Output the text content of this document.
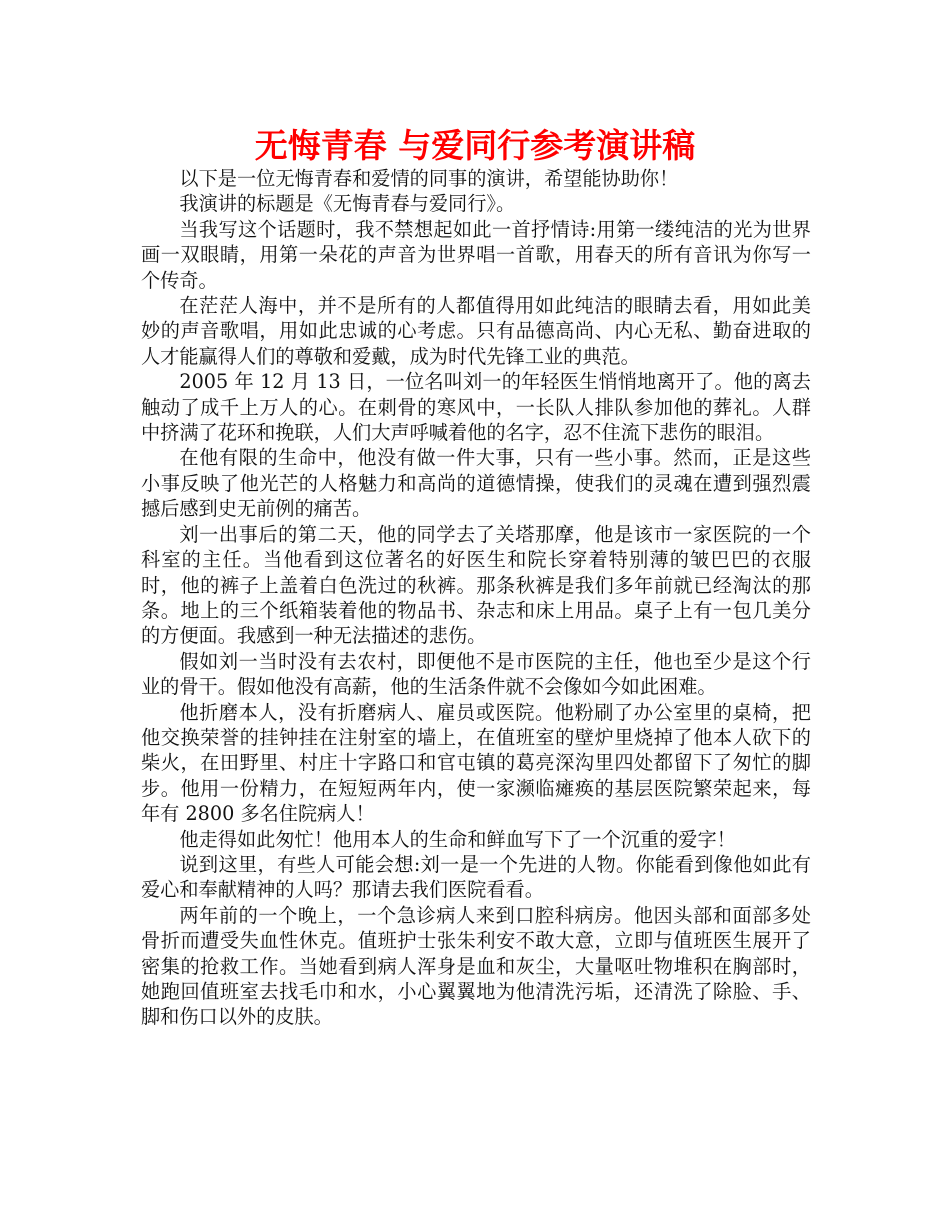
无悔青春 与爱同行参考演讲稿

以下是一位无悔青春和爱情的同事的演讲，希望能协助你！

我演讲的标题是《无悔青春与爱同行》。

当我写这个话题时，我不禁想起如此一首抒情诗:用第一缕纯洁的光为世界画一双眼睛，用第一朵花的声音为世界唱一首歌，用春天的所有音讯为你写一个传奇。

在茫茫人海中，并不是所有的人都值得用如此纯洁的眼睛去看，用如此美妙的声音歌唱，用如此忠诚的心考虑。只有品德高尚、内心无私、勤奋进取的人才能赢得人们的尊敬和爱戴，成为时代先锋工业的典范。

2005 年 12 月 13 日，一位名叫刘一的年轻医生悄悄地离开了。他的离去触动了成千上万人的心。在刺骨的寒风中，一长队人排队参加他的葬礼。人群中挤满了花环和挽联，人们大声呼喊着他的名字，忍不住流下悲伤的眼泪。

在他有限的生命中，他没有做一件大事，只有一些小事。然而，正是这些小事反映了他光芒的人格魅力和高尚的道德情操，使我们的灵魂在遭到强烈震撼后感到史无前例的痛苦。

刘一出事后的第二天，他的同学去了关塔那摩，他是该市一家医院的一个科室的主任。当他看到这位著名的好医生和院长穿着特别薄的皱巴巴的衣服时，他的裤子上盖着白色洗过的秋裤。那条秋裤是我们多年前就已经淘汰的那条。地上的三个纸箱装着他的物品书、杂志和床上用品。桌子上有一包几美分的方便面。我感到一种无法描述的悲伤。

假如刘一当时没有去农村，即便他不是市医院的主任，他也至少是这个行业的骨干。假如他没有高薪，他的生活条件就不会像如今如此困难。

他折磨本人，没有折磨病人、雇员或医院。他粉刷了办公室里的桌椅，把他交换荣誉的挂钟挂在注射室的墙上，在值班室的壁炉里烧掉了他本人砍下的柴火，在田野里、村庄十字路口和官屯镇的葛亮深沟里四处都留下了匆忙的脚步。他用一份精力，在短短两年内，使一家濒临瘫痪的基层医院繁荣起来，每年有 2800 多名住院病人！

他走得如此匆忙！他用本人的生命和鲜血写下了一个沉重的爱字！

说到这里，有些人可能会想:刘一是一个先进的人物。你能看到像他如此有爱心和奉献精神的人吗？那请去我们医院看看。

两年前的一个晚上，一个急诊病人来到口腔科病房。他因头部和面部多处骨折而遭受失血性休克。值班护士张朱利安不敢大意，立即与值班医生展开了密集的抢救工作。当她看到病人浑身是血和灰尘，大量呕吐物堆积在胸部时，她跑回值班室去找毛巾和水，小心翼翼地为他清洗污垢，还清洗了除脸、手、脚和伤口以外的皮肤。
